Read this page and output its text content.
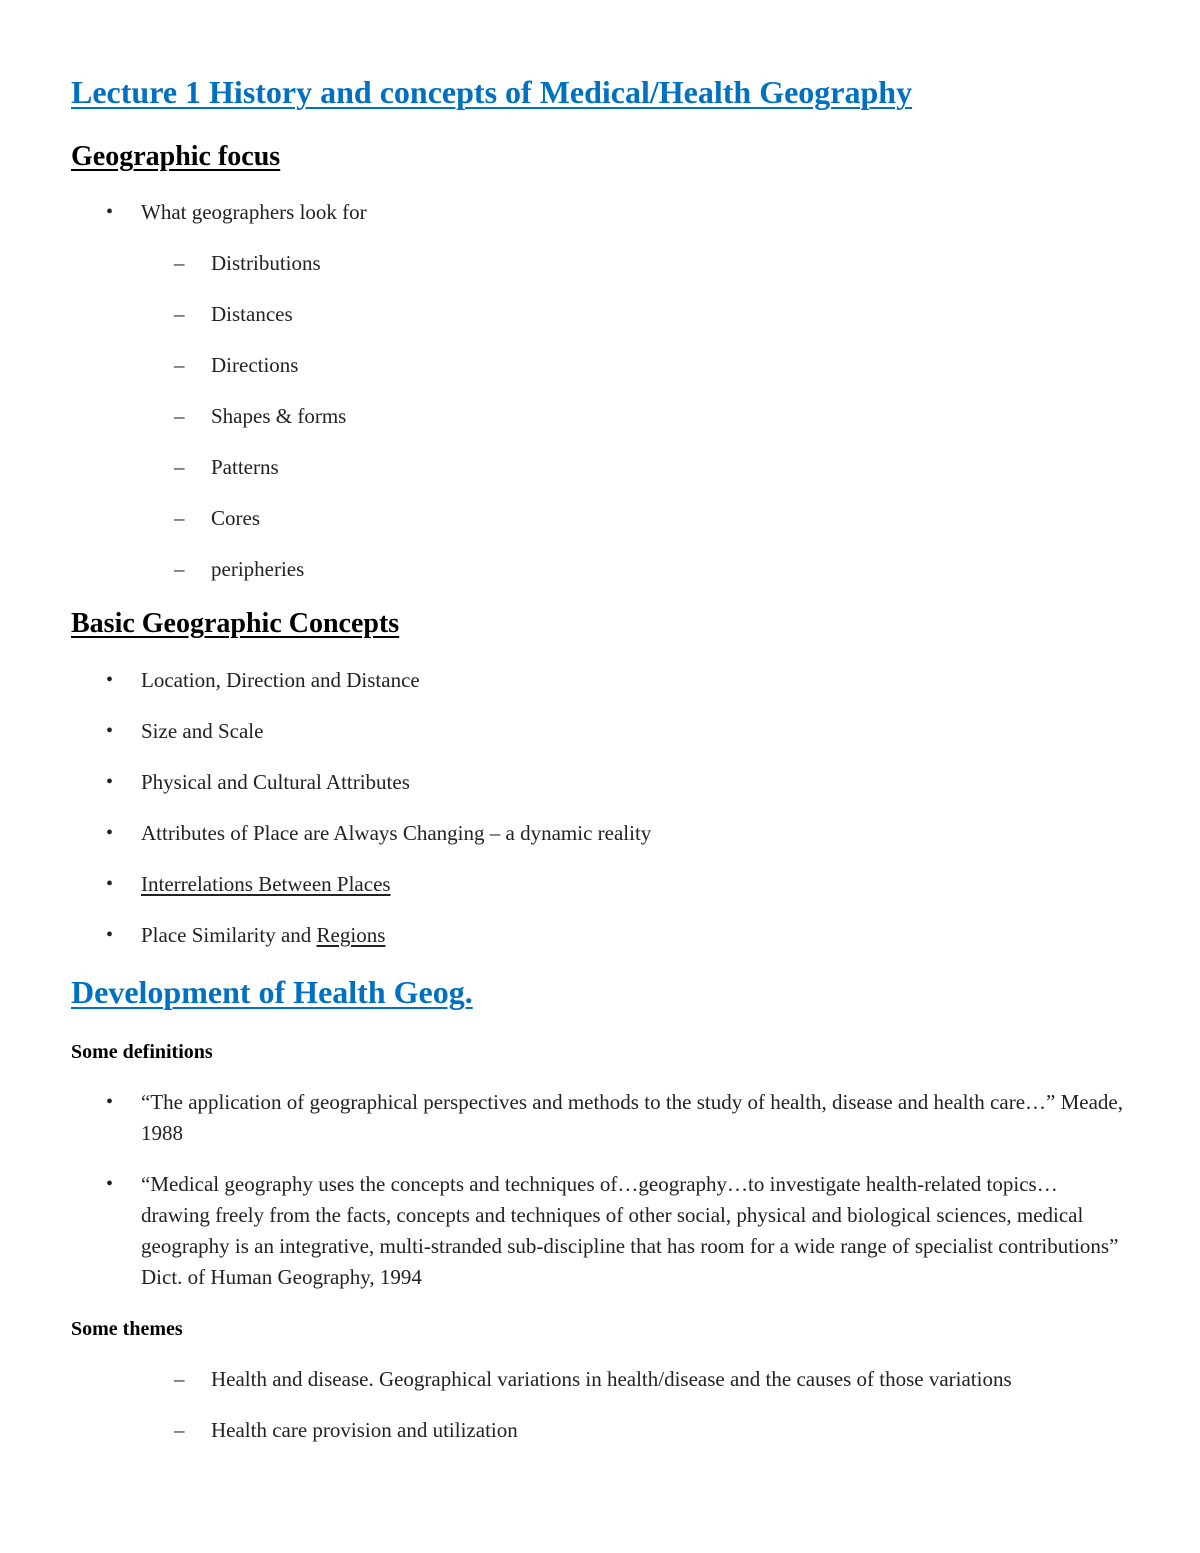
Lecture 1 History and concepts of Medical/Health Geography
Geographic focus
•	What geographers look for
–	Distributions
–	Distances
–	Directions
–	Shapes & forms
–	Patterns
–	Cores
–	peripheries
Basic Geographic Concepts
•	Location, Direction and Distance
•	Size and Scale
•	Physical and Cultural Attributes
•	Attributes of Place are Always Changing – a dynamic reality
•	Interrelations Between Places
•	Place Similarity and Regions
Development of Health Geog.
Some definitions
•	“The application of geographical perspectives and methods to the study of health, disease and health care…” Meade, 1988
•	“Medical geography uses the concepts and techniques of…geography…to investigate health-related topics…drawing freely from the facts, concepts and techniques of other social, physical and biological sciences, medical geography is an integrative, multi-stranded sub-discipline that has room for a wide range of specialist contributions” Dict. of Human Geography, 1994
Some themes
–	Health and disease. Geographical variations in health/disease and the causes of those variations
–	Health care provision and utilization
